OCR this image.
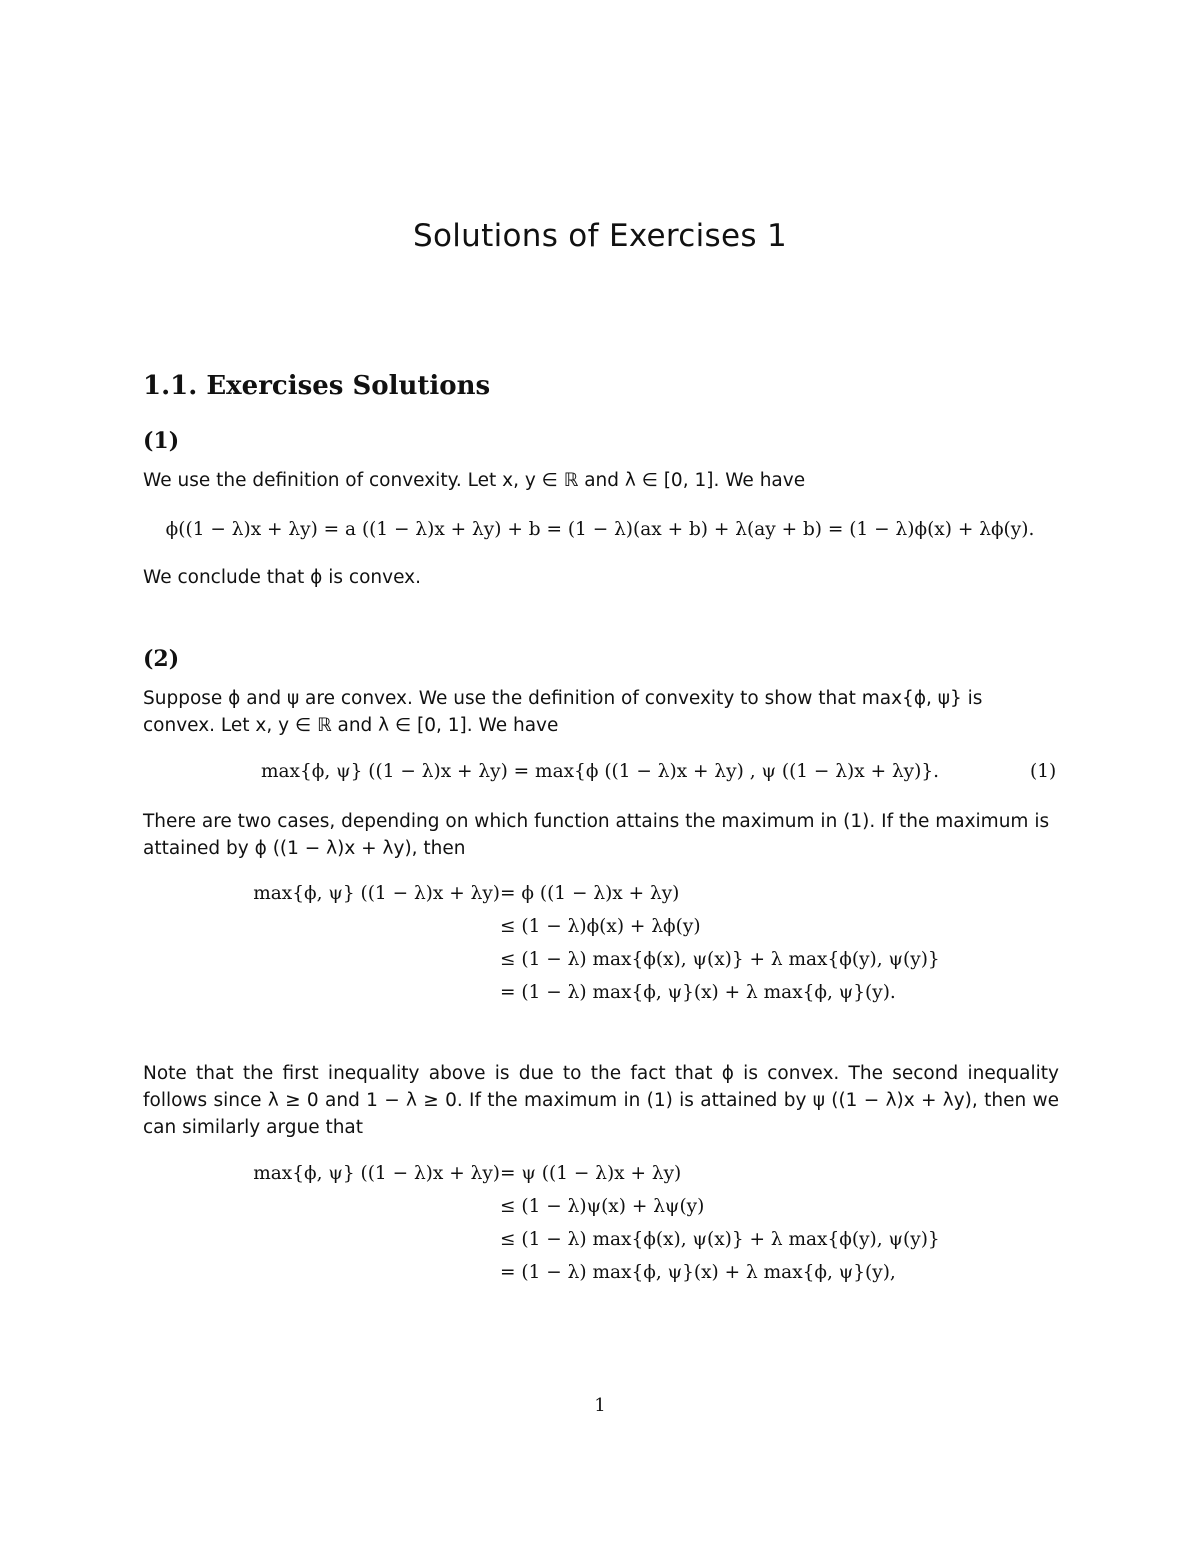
Solutions of Exercises 1
1.1. Exercises Solutions
(1)

We use the definition of convexity. Let x, y ∈ ℝ and λ ∈ [0, 1]. We have

ϕ((1 − λ)x + λy) = a ((1 − λ)x + λy) + b = (1 − λ)(ax + b) + λ(ay + b) = (1 − λ)ϕ(x) + λϕ(y).

We conclude that ϕ is convex.

(2)

Suppose ϕ and ψ are convex. We use the definition of convexity to show that max{ϕ, ψ} is convex. Let x, y ∈ ℝ and λ ∈ [0, 1]. We have

max{ϕ, ψ} ((1 − λ)x + λy) = max{ϕ ((1 − λ)x + λy) , ψ ((1 − λ)x + λy)}.	(1)

There are two cases, depending on which function attains the maximum in (1). If the maximum is attained by ϕ ((1 − λ)x + λy), then

max{ϕ, ψ} ((1 − λ)x + λy) = ϕ ((1 − λ)x + λy)
≤ (1 − λ)ϕ(x) + λϕ(y)
≤ (1 − λ) max{ϕ(x), ψ(x)} + λ max{ϕ(y), ψ(y)}
= (1 − λ) max{ϕ, ψ}(x) + λ max{ϕ, ψ}(y).

Note that the first inequality above is due to the fact that ϕ is convex. The second inequality follows since λ ≥ 0 and 1 − λ ≥ 0. If the maximum in (1) is attained by ψ ((1 − λ)x + λy), then we can similarly argue that

max{ϕ, ψ} ((1 − λ)x + λy) = ψ ((1 − λ)x + λy)
≤ (1 − λ)ψ(x) + λψ(y)
≤ (1 − λ) max{ϕ(x), ψ(x)} + λ max{ϕ(y), ψ(y)}
= (1 − λ) max{ϕ, ψ}(x) + λ max{ϕ, ψ}(y),
1
